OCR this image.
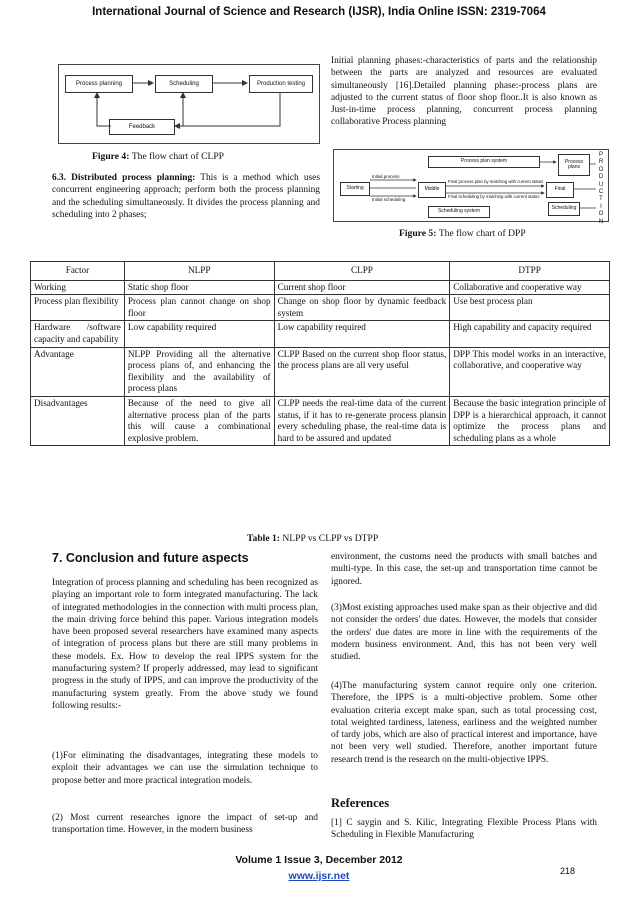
International Journal of Science and Research (IJSR), India Online ISSN: 2319-7064
Process planning	Scheduling	Production testing
Feedback
Figure 4: The flow chart of CLPP
Initial planning phases:-characteristics of parts and the relationship between the parts are analyzed and resources are evaluated simultaneously [16].Detailed planning phase:-process plans are adjusted to the current status of floor shop floor..It is also known as Just-in-time process planning, concurrent process planning collaborative Process planning
6.3. Distributed process planning: This is a method which uses concurrent engineering approach; perform both the process planning and the scheduling simultaneously. It divides the process planning and scheduling into 2 phases;
Process plan system	Process plans
Starting
Initial process
Initial scheduling
Middle
Final process plan by matching with current status
Final scheduling by matching with current status
Final
Scheduling system	Scheduling
P
R
O
D
U
C
T
I
O
N
Figure 5: The flow chart of DPP
Factor	NLPP	CLPP	DTPP
Working	Static shop floor	Current shop floor	Collaborative and cooperative way
Process plan flexibility	Process plan cannot change on shop floor	Change on shop floor by dynamic feedback system	Use best process plan
Hardware /software capacity and capability	Low capability required	Low capability required	High capability and capacity required
Advantage	NLPP Providing all the alternative process plans of, and enhancing the flexibility and the availability of process plans	CLPP Based on the current shop floor status, the process plans are all very useful	DPP This model works in an interactive, collaborative, and cooperative way
Disadvantages	Because of the need to give all alternative process plan of the parts this will cause a combinational explosive problem.	CLPP needs the real-time data of the current status, if it has to re-generate process plansin every scheduling phase, the real-time data is hard to be assured and updated	Because the basic integration principle of DPP is a hierarchical approach, it cannot optimize the process plans and scheduling plans as a whole
Table 1: NLPP vs CLPP vs DTPP
7. Conclusion and future aspects
Integration of process planning and scheduling has been recognized as playing an important role to form integrated manufacturing. The lack of integrated methodologies in the connection with multi process plan, the main driving force behind this paper. Various integration models have been proposed several researchers have examined many aspects of integration of process plans but there are still many problems in these models. Ex. How to develop the real IPPS system for the manufacturing system? If properly addressed, may lead to significant progress in the study of IPPS, and can improve the productivity of the manufacturing system greatly. From the above study we found following results:-
(1)For eliminating the disadvantages, integrating these models to exploit their advantages we can use the simulation technique to propose better and more practical integration models.
(2) Most current researches ignore the impact of set-up and transportation time. However, in the modern business
environment, the customs need the products with small batches and multi-type. In this case, the set-up and transportation time cannot be ignored.
(3)Most existing approaches used make span as their objective and did not consider the orders' due dates. However, the models that consider the orders' due dates are more in line with the requirements of the modern business environment. And, this has not been very well studied.
(4)The manufacturing system cannot require only one criterion. Therefore, the IPPS is a multi-objective problem. Some other evaluation criteria except make span, such as total processing cost, total weighted tardiness, lateness, earliness and the weighted number of tardy jobs, which are also of practical interest and importance, have not been very well studied. Therefore, another important future research trend is the research on the multi-objective IPPS.
References
[1] C saygin and S. Kilic, Integrating Flexible Process Plans with Scheduling in Flexible Manufacturing
Volume 1 Issue 3, December 2012
www.ijsr.net	218
